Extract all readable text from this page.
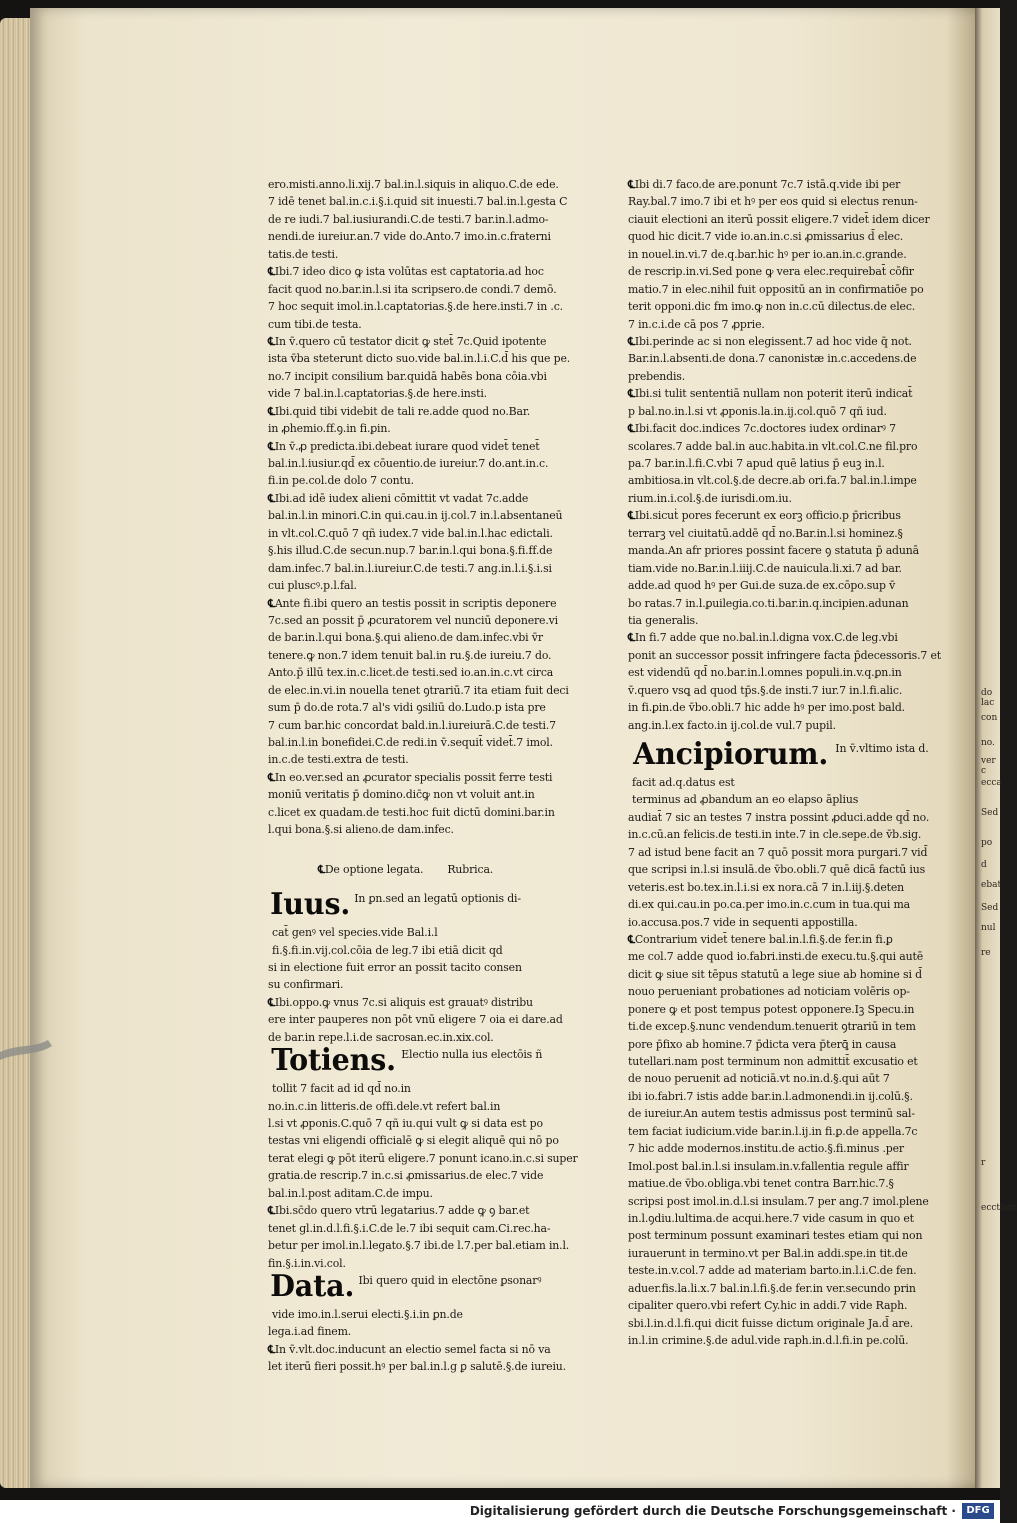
do lac
con
no.
ver c
ecca
Sed
po
d
ebat
Sed
nul
re
r
ecctiam
ero.misti.anno.li.xij.7 bal.in.l.siquis in aliquo.C.de ede.
7 idē tenet bal.in.c.i.§.i.quid sit inuesti.7 bal.in.l.gesta C
de re iudi.7 bal.iusiurandi.C.de testi.7 bar.in.l.admo-
nendi.de iureiur.an.7 vide do.Anto.7 imo.in.c.fraterni
tatis.de testi.
℄Ibi.7 ideo dico ꝙ ista volūtas est captatoria.ad hoc
facit quod no.bar.in.l.si ita scripsero.de condi.7 demō.
7 hoc sequit imol.in.l.captatorias.§.de here.insti.7 in .c.
cum tibi.de testa.
℄In v̄.quero cū testator dicit ꝙ stet̄ 7c.Quid ipotente
ista v̄ba steterunt dicto suo.vide bal.in.l.i.C.d̄ his que pe.
no.7 incipit consilium bar.quidā habēs bona cōia.vbi
vide 7 bal.in.l.captatorias.§.de here.insti.
℄Ibi.quid tibi videbit de tali re.adde quod no.Bar.
in ꝓhemio.ff.ꝯ.in fi.ꝑin.
℄In v̄.ꝓ predicta.ibi.debeat iurare quod videt̄ tenet̄
bal.in.l.iusiur.qd̄ ex cōuentio.de iureiur.7 do.ant.in.c.
fi.in pe.col.de dolo 7 contu.
℄Ibi.ad idē iudex alieni cōmittit vt vadat 7c.adde
bal.in.l.in minori.C.in qui.cau.in ij.col.7 in.l.absentaneū
in vlt.col.C.quō 7 qñ iudex.7 vide bal.in.l.hac edictali.
§.his illud.C.de secun.nup.7 bar.in.l.qui bona.§.fi.ff.de
dam.infec.7 bal.in.l.iureiur.C.de testi.7 ang.in.l.i.§.i.si
cui pluscꝰ.p.l.fal.
℄Ante fi.ibi quero an testis possit in scriptis deponere
7c.sed an possit p̄ ꝓcuratorem vel nunciū deponere.vi
de bar.in.l.qui bona.§.qui alieno.de dam.infec.vbi v̄r
tenere.ꝙ non.7 idem tenuit bal.in ru.§.de iureiu.7 do.
Anto.p̄ illū tex.in.c.licet.de testi.sed io.an.in.c.vt circa
de elec.in.vi.in nouella tenet ꝯtrariū.7 ita etiam fuit deci
sum p̄ do.de rota.7 al's vidi ꝯsiliū do.Ludo.p ista pre
7 cum bar.hic concordat bald.in.l.iureiurā.C.de testi.7
bal.in.l.in bonefidei.C.de redi.in v̄.sequit̄ videt̄.7 imol.
in.c.de testi.extra de testi.
℄In eo.ver.sed an ꝓcurator specialis possit ferre testi
moniū veritatis p̄ domino.dic̄ꝙ non vt voluit ant.in
c.licet ex quadam.de testi.hoc fuit dictū domini.bar.in
l.qui bona.§.si alieno.de dam.infec.
℄De optione legata. Rubrica.
Iuus. In ꝑn.sed an legatū optionis di-
cat̄ genꝰ vel species.vide Bal.i.l
fi.§.fi.in.vij.col.cōia de leg.7 ibi etiā dicit qd
si in electione fuit error an possit tacito consen
su confirmari.
℄Ibi.oppo.ꝙ vnus 7c.si aliquis est grauatꝰ distribu
ere inter pauperes non pōt vnū eligere 7 oia ei dare.ad
de bar.in repe.l.i.de sacrosan.ec.in.xix.col.
Totiens. Electio nulla ius electōis ñ
tollit 7 facit ad id qd̄ no.in
no.in.c.in litteris.de offi.dele.vt refert bal.in
l.si vt ꝓponis.C.quō 7 qñ iu.qui vult ꝙ si data est po
testas vni eligendi officialē ꝙ si elegit aliquē qui nō po
terat elegi ꝙ pōt iterū eligere.7 ponunt icano.in.c.si super
gratia.de rescrip.7 in.c.si ꝓmissarius.de elec.7 vide
bal.in.l.post aditam.C.de impu.
℄Ibi.sc̄do quero vtrū legatarius.7 adde ꝙ ꝯ bar.et
tenet gl.in.d.l.fi.§.i.C.de le.7 ibi sequit cam.Ci.rec.ha-
betur per imol.in.l.legato.§.7 ibi.de l.7.per bal.etiam in.l.
fin.§.i.in.vi.col.
Data. Ibi quero quid in electōne ꝑsonarꝰ
vide imo.in.l.serui electi.§.i.in ꝑn.de
lega.i.ad finem.
℄In v̄.vlt.doc.inducunt an electio semel facta si nō va
let iterū fieri possit.hꝰ per bal.in.l.g ꝑ salutē.§.de iureiu.
℄Ibi di.7 faco.de are.ponunt 7c.7 istā.q.vide ibi per
Ray.bal.7 imo.7 ibi et hꝰ per eos quid si electus renun-
ciauit electioni an iterū possit eligere.7 videt̄ idem dicer
quod hic dicit.7 vide io.an.in.c.si ꝓmissarius d̄ elec.
in nouel.in.vi.7 de.q.bar.hic hꝰ per io.an.in.c.grande.
de rescrip.in.vi.Sed pone ꝙ vera elec.requirebat̄ cōfir
matio.7 in elec.nihil fuit oppositū an in confirmatiōe po
terit opponi.dic fm imo.ꝙ non in.c.cū dilectus.de elec.
7 in.c.i.de cā pos 7 ꝓprie.
℄Ibi.perinde ac si non elegissent.7 ad hoc vide q̄ not.
Bar.in.l.absenti.de dona.7 canonistæ in.c.accedens.de
prebendis.
℄Ibi.si tulit sententiā nullam non poterit iterū indicat̄
p bal.no.in.l.si vt ꝓponis.la.in.ij.col.quō 7 qñ iud.
℄Ibi.facit doc.indices 7c.doctores iudex ordinarꝰ 7
scolares.7 adde bal.in auc.habita.in vlt.col.C.ne fil.pro
pa.7 bar.in.l.fi.C.vbi 7 apud quē latius p̄ euꝫ in.l.
ambitiosa.in vlt.col.§.de decre.ab ori.fa.7 bal.in.l.impe
rium.in.i.col.§.de iurisdi.om.iu.
℄Ibi.sicuṫ pores fecerunt ex eorꝫ officio.p p̄ricribus
terrarꝫ vel ciuitatū.addē qd̄ no.Bar.in.l.si hominez.§
manda.An afr priores possint facere ꝯ statuta p̄ adunā
tiam.vide no.Bar.in.l.iiij.C.de nauicula.li.xi.7 ad bar.
adde.ad quod hꝰ per Gui.de suza.de ex.cōpo.sup v̄
bo ratas.7 in.l.ꝑuilegia.co.ti.bar.in.q.incipien.adunan
tia generalis.
℄In fi.7 adde que no.bal.in.l.digna vox.C.de leg.vbi
ponit an successor possit infringere facta p̄decessoris.7 et
est videndū qd̄ no.bar.in.l.omnes populi.in.v.q.ꝑn.in
v̄.quero vsꝗ ad quod tp̄s.§.de insti.7 iur.7 in.l.fi.alic.
in fi.ꝑin.de v̄bo.obli.7 hic adde hꝰ per imo.post bald.
ang.in.l.ex facto.in ij.col.de vul.7 pupil.
Ancipiorum. In v̄.vltimo ista d.
facit ad.q.datus est
terminus ad ꝓbandum an eo elapso āplius
audiat̄ 7 sic an testes 7 instra possint ꝓduci.adde qd̄ no.
in.c.cū.an felicis.de testi.in inte.7 in cle.sepe.de v̄b.sig.
7 ad istud bene facit an 7 quō possit mora purgari.7 vid̄
que scripsi in.l.si insulā.de v̄bo.obli.7 quē dicā factū ius
veteris.est bo.tex.in.l.i.si ex nora.cā 7 in.l.iij.§.deten
di.ex qui.cau.in po.ca.per imo.in.c.cum in tua.qui ma
io.accusa.pos.7 vide in sequenti appostilla.
℄Contrarium videt̄ tenere bal.in.l.fi.§.de fer.in fi.ꝑ
me col.7 adde quod io.fabri.insti.de execu.tu.§.qui autē
dicit ꝙ siue sit tēpus statutū a lege siue ab homine si d̄
nouo perueniant probationes ad noticiam volēris op-
ponere ꝙ et post tempus potest opponere.Iꝫ Specu.in
ti.de excep.§.nunc vendendum.tenuerit ꝯtrariū in tem
pore p̄fixo ab homine.7 p̄dicta vera p̄terꝗ̄ in causa
tutellari.nam post terminum non admittit̄ excusatio et
de nouo peruenit ad noticiā.vt no.in.d.§.qui aūt 7
ibi io.fabri.7 istis adde bar.in.l.admonendi.in ij.colū.§.
de iureiur.An autem testis admissus post terminū sal-
tem faciat iudicium.vide bar.in.l.ij.in fi.ꝑ.de appella.7c
7 hic adde modernos.institu.de actio.§.fi.minus .per
Imol.post bal.in.l.si insulam.in.v.fallentia regule affir
matiue.de v̄bo.obliga.vbi tenet contra Barr.hic.7.§
scripsi post imol.in.d.l.si insulam.7 per ang.7 imol.plene
in.l.ꝯdiu.lultima.de acqui.here.7 vide casum in quo et
post terminum possunt examinari testes etiam qui non
iurauerunt in termino.vt per Bal.in addi.spe.in tit.de
teste.in.v.col.7 adde ad materiam barto.in.l.i.C.de fen.
aduer.fis.la.li.x.7 bal.in.l.fi.§.de fer.in ver.secundo prin
cipaliter quero.vbi refert Cy.hic in addi.7 vide Raph.
sbi.l.in.d.l.fi.qui dicit fuisse dictum originale Ja.d̄ are.
in.l.in crimine.§.de adul.vide raph.in.d.l.fi.in pe.colū.
Digitalisierung gefördert durch die Deutsche Forschungsgemeinschaft ·	DFG
